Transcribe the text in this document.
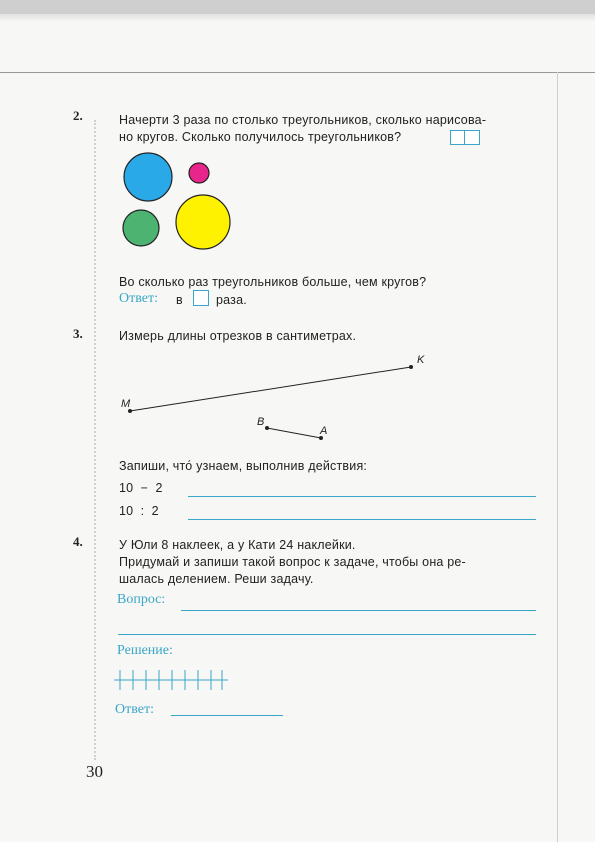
2.	Начерти 3 раза по столько треугольников, сколько нарисова-
но кругов. Сколько получилось треугольников?
Во сколько раз треугольников больше, чем кругов?
Ответ: в	раза.
3.	Измерь длины отрезков в сантиметрах.
M
K
B
A
Запиши, что́ узнаем, выполнив действия:
10  −  2
10  :  2
4.	У Юли 8 наклеек, а у Кати 24 наклейки.
Придумай и запиши такой вопрос к задаче, чтобы она ре-
шалась делением. Реши задачу.
Вопрос:
Решение:
Ответ:
30
